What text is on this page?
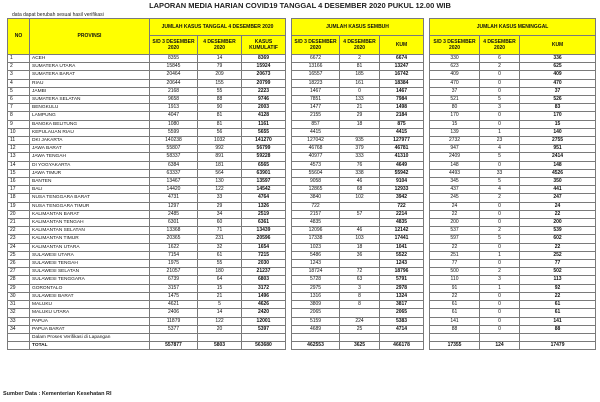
LAPORAN MEDIA HARIAN COVID19 TANGGAL 4 DESEMBER 2020 PUKUL 12.00 WIB
data dapat berubah sesuai hasil verifikasi
NO	PROVINSI	JUMLAH KASUS TANGGAL 4 DESEMBER 2020				JUMLAH KASUS SEMBUH				JUMLAH KASUS MENINGGAL		
		S/D 3 DESEMBER 2020	4 DESEMBER 2020	KASUS KUMULATIF		S/D 3 DESEMBER 2020	4 DESEMBER 2020	KUM		S/D 3 DESEMBER 2020	4 DESEMBER 2020	KUM
1	ACEH	8355	14	8369		6672	2	6674		330	6	336
2	SUMATERA UTARA	15845	79	15924		13166	81	13247		623	2	625
3	SUMATERA BARAT	20464	209	20673		16557	185	16742		409	0	409
4	RIAU	20644	155	20799		18223	161	18384		470	0	470
5	JAMBI	2168	55	2223		1467	0	1467		37	0	37
6	SUMATERA SELATAN	9658	88	9746		7851	133	7984		521	5	526
7	BENGKULU	1913	90	2003		1477	21	1498		80	3	83
8	LAMPUNG	4047	81	4128		2155	29	2184		170	0	170
9	BANGKA BELITUNG	1080	81	1161		857	18	875		15	0	15
10	KEPULAUAN RIAU	5599	56	5655		4415		4415		139	1	140
11	DKI JAKARTA	140238	1032	141270		127042	935	127977		2732	23	2755
12	JAWA BARAT	55807	992	56799		46768	379	46781		947	4	951
13	JAWA TENGAH	58337	891	59228		40977	333	41310		2409	5	2414
14	DI YOGYAKARTA	6384	181	6565		4573	76	4649		148	0	148
15	JAWA TIMUR	63337	564	63901		55604	338	55942		4493	33	4526
16	BANTEN	13467	130	13597		9058	46	9104		345	5	350
17	BALI	14420	122	14542		12865	68	12933		437	4	441
18	NUSA TENGGARA BARAT	4731	33	4764		3840	102	3942		245	2	247
19	NUSA TENGGARA TIMUR	1297	29	1326		722		722		24	0	24
20	KALIMANTAN BARAT	2485	34	2519		2157	57	2214		22	0	22
21	KALIMANTAN TENGAH	6301	60	6361		4835		4835		200	0	200
22	KALIMANTAN SELATAN	13368	71	13439		12096	46	12142		537	2	539
23	KALIMANTAN TIMUR	20365	231	20596		17338	103	17441		597	5	602
24	KALIMANTAN UTARA	1622	32	1654		1023	18	1041		22	0	22
25	SULAWESI UTARA	7154	61	7215		5486	36	5522		251	1	252
26	SULAWESI TENGAH	1975	55	2030		1243		1243		77	0	77
27	SULAWESI SELATAN	21057	180	21237		18724	72	18796		500	2	502
28	SULAWESI TENGGARA	6739	64	6803		5728	63	5791		110	3	113
29	GORONTALO	3157	15	3172		2975	3	2978		91	1	92
30	SULAWESI BARAT	1475	21	1496		1316	8	1324		22	0	22
31	MALUKU	4621	5	4626		3809	8	3817		61	0	61
32	MALUKU UTARA	2406	14	2420		2065		2065		61	0	61
33	PAPUA	11879	122	12001		5159	224	5383		141	0	141
34	PAPUA BARAT	5377	20	5397		4689	25	4714		88	0	88
	Dalam Proses Verifikasi di Lapangan											
	TOTAL	557877	5803	563680		462553	3625	466178		17355	124	17479
Sumber Data : Kementerian Kesehatan RI
